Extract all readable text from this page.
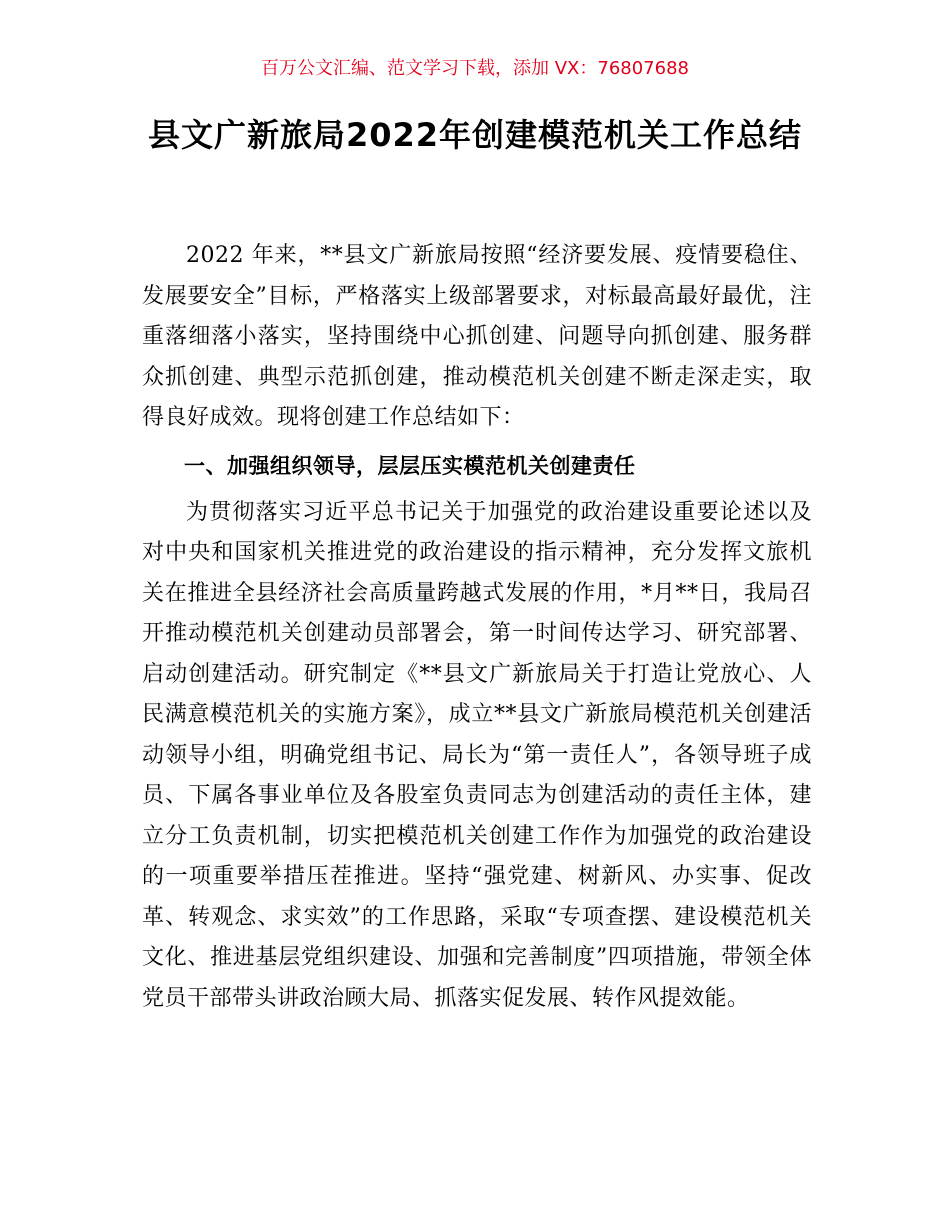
百万公文汇编、范文学习下载，添加 VX：76807688
县文广新旅局2022年创建模范机关工作总结

2022 年来，**县文广新旅局按照“经济要发展、疫情要稳住、发展要安全”目标，严格落实上级部署要求，对标最高最好最优，注重落细落小落实，坚持围绕中心抓创建、问题导向抓创建、服务群众抓创建、典型示范抓创建，推动模范机关创建不断走深走实，取得良好成效。现将创建工作总结如下：

一、加强组织领导，层层压实模范机关创建责任

为贯彻落实习近平总书记关于加强党的政治建设重要论述以及对中央和国家机关推进党的政治建设的指示精神，充分发挥文旅机关在推进全县经济社会高质量跨越式发展的作用，*月**日，我局召开推动模范机关创建动员部署会，第一时间传达学习、研究部署、启动创建活动。研究制定《**县文广新旅局关于打造让党放心、人民满意模范机关的实施方案》，成立**县文广新旅局模范机关创建活动领导小组，明确党组书记、局长为“第一责任人”，各领导班子成员、下属各事业单位及各股室负责同志为创建活动的责任主体，建立分工负责机制，切实把模范机关创建工作作为加强党的政治建设的一项重要举措压茬推进。坚持“强党建、树新风、办实事、促改革、转观念、求实效”的工作思路，采取“专项查摆、建设模范机关文化、推进基层党组织建设、加强和完善制度”四项措施，带领全体党员干部带头讲政治顾大局、抓落实促发展、转作风提效能。
